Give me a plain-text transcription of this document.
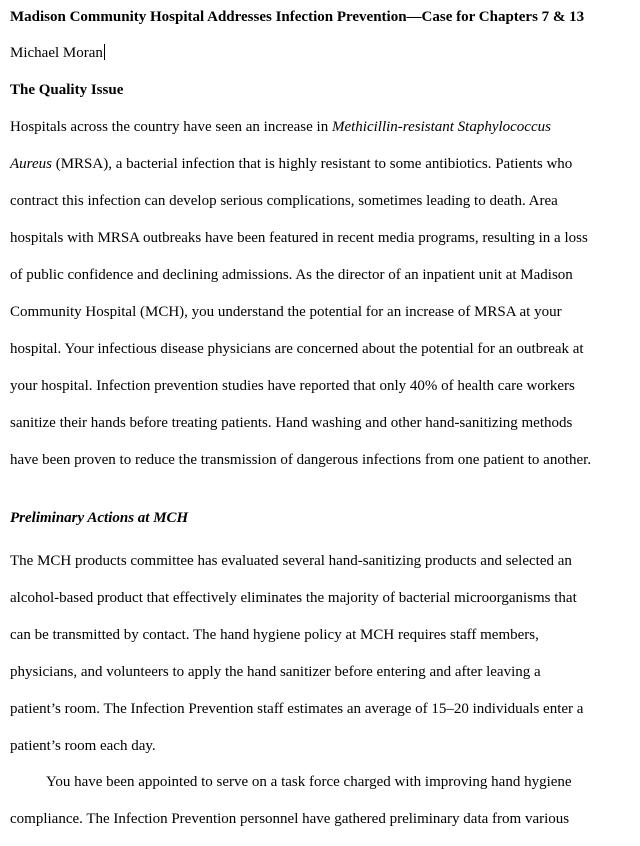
Madison Community Hospital Addresses Infection Prevention—Case for Chapters 7 & 13
Michael Moran
The Quality Issue
Hospitals across the country have seen an increase in Methicillin-resistant Staphylococcus
Aureus (MRSA), a bacterial infection that is highly resistant to some antibiotics. Patients who
contract this infection can develop serious complications, sometimes leading to death. Area
hospitals with MRSA outbreaks have been featured in recent media programs, resulting in a loss
of public confidence and declining admissions. As the director of an inpatient unit at Madison
Community Hospital (MCH), you understand the potential for an increase of MRSA at your
hospital. Your infectious disease physicians are concerned about the potential for an outbreak at
your hospital. Infection prevention studies have reported that only 40% of health care workers
sanitize their hands before treating patients. Hand washing and other hand-sanitizing methods
have been proven to reduce the transmission of dangerous infections from one patient to another.
Preliminary Actions at MCH
The MCH products committee has evaluated several hand-sanitizing products and selected an
alcohol-based product that effectively eliminates the majority of bacterial microorganisms that
can be transmitted by contact. The hand hygiene policy at MCH requires staff members,
physicians, and volunteers to apply the hand sanitizer before entering and after leaving a
patient’s room. The Infection Prevention staff estimates an average of 15–20 individuals enter a
patient’s room each day.
You have been appointed to serve on a task force charged with improving hand hygiene
compliance. The Infection Prevention personnel have gathered preliminary data from various
